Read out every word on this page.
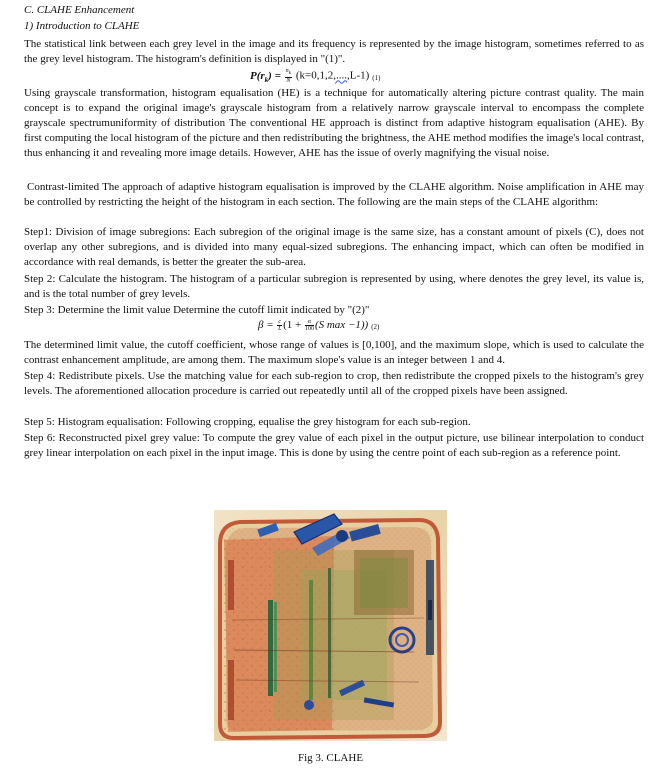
C. CLAHE Enhancement
1) Introduction to CLAHE

The statistical link between each grey level in the image and its frequency is represented by the image histogram, sometimes referred to as the grey level histogram. The histogram's definition is displayed in "(1)".

$P(r_k) = \frac{n_k}{N} (k=0,1,2,....,L-1)$ (1)

Using grayscale transformation, histogram equalisation (HE) is a technique for automatically altering picture contrast quality. The main concept is to expand the original image's grayscale histogram from a relatively narrow grayscale interval to encompass the complete grayscale spectrumuniformity of distribution The conventional HE approach is distinct from adaptive histogram equalisation (AHE). By first computing the local histogram of the picture and then redistributing the brightness, the AHE method modifies the image's local contrast, thus enhancing it and revealing more image details. However, AHE has the issue of overly magnifying the visual noise.

Contrast-limited The approach of adaptive histogram equalisation is improved by the CLAHE algorithm. Noise amplification in AHE may be controlled by restricting the height of the histogram in each section. The following are the main steps of the CLAHE algorithm:

Step1: Division of image subregions: Each subregion of the original image is the same size, has a constant amount of pixels (C), does not overlap any other subregions, and is divided into many equal-sized subregions. The enhancing impact, which can often be modified in accordance with real demands, is better the greater the sub-area.

Step 2: Calculate the histogram. The histogram of a particular subregion is represented by using, where denotes the grey level, its value is, and is the total number of grey levels.

Step 3: Determine the limit value Determine the cutoff limit indicated by "(2)"

$\beta = \frac{c}{L} (1 + \frac{\alpha}{100} (S$ max −1)) (2)

The determined limit value, the cutoff coefficient, whose range of values is [0,100], and the maximum slope, which is used to calculate the contrast enhancement amplitude, are among them. The maximum slope's value is an integer between 1 and 4.

Step 4: Redistribute pixels. Use the matching value for each sub-region to crop, then redistribute the cropped pixels to the histogram's grey levels. The aforementioned allocation procedure is carried out repeatedly until all of the cropped pixels have been assigned.

Step 5: Histogram equalisation: Following cropping, equalise the grey histogram for each sub-region.

Step 6: Reconstructed pixel grey value: To compute the grey value of each pixel in the output picture, use bilinear interpolation to conduct grey linear interpolation on each pixel in the input image. This is done by using the centre point of each sub-region as a reference point.

Fig 3. CLAHE
